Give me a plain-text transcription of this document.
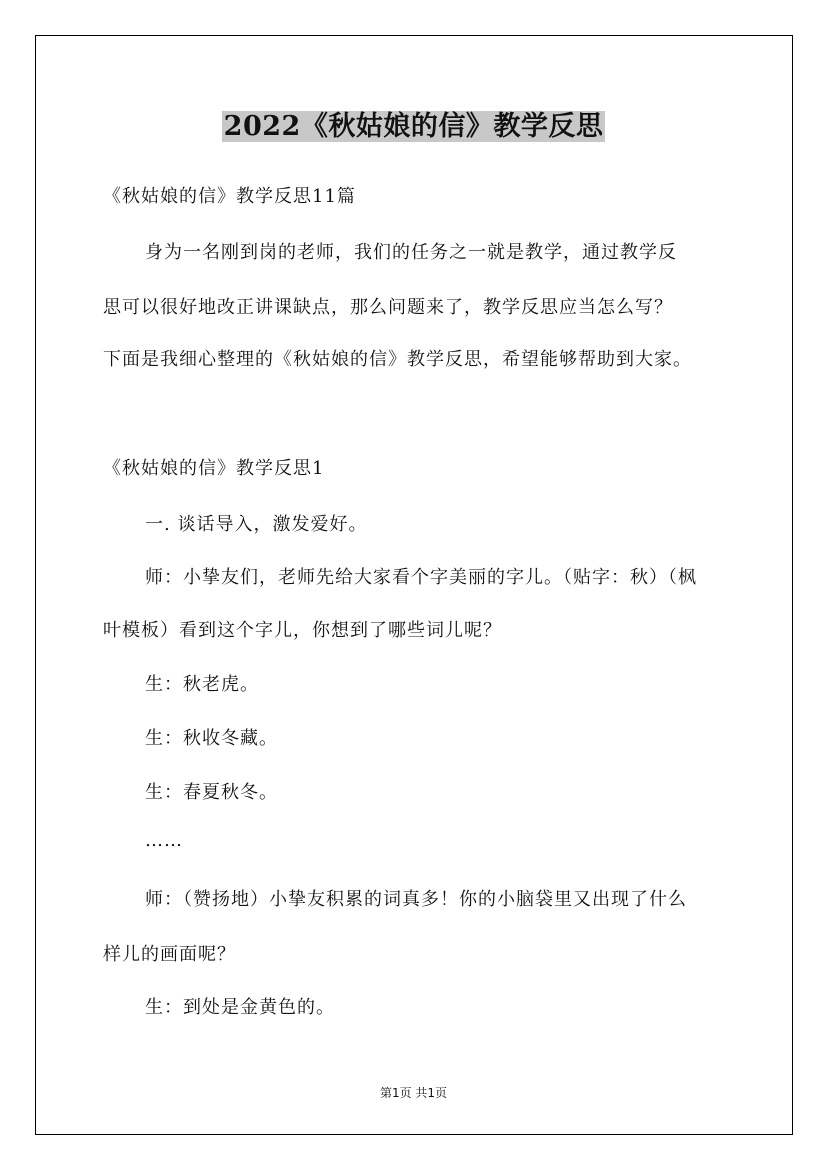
2022《秋姑娘的信》教学反思
《秋姑娘的信》教学反思11篇
身为一名刚到岗的老师，我们的任务之一就是教学，通过教学反
思可以很好地改正讲课缺点，那么问题来了，教学反思应当怎么写？
下面是我细心整理的《秋姑娘的信》教学反思，希望能够帮助到大家。
《秋姑娘的信》教学反思1
一. 谈话导入，激发爱好。
师：小挚友们，老师先给大家看个字美丽的字儿。（贴字：秋）（枫
叶模板）看到这个字儿，你想到了哪些词儿呢？
生：秋老虎。
生：秋收冬藏。
生：春夏秋冬。
……
师：（赞扬地）小挚友积累的词真多！你的小脑袋里又出现了什么
样儿的画面呢？
生：到处是金黄色的。
第1页 共1页
